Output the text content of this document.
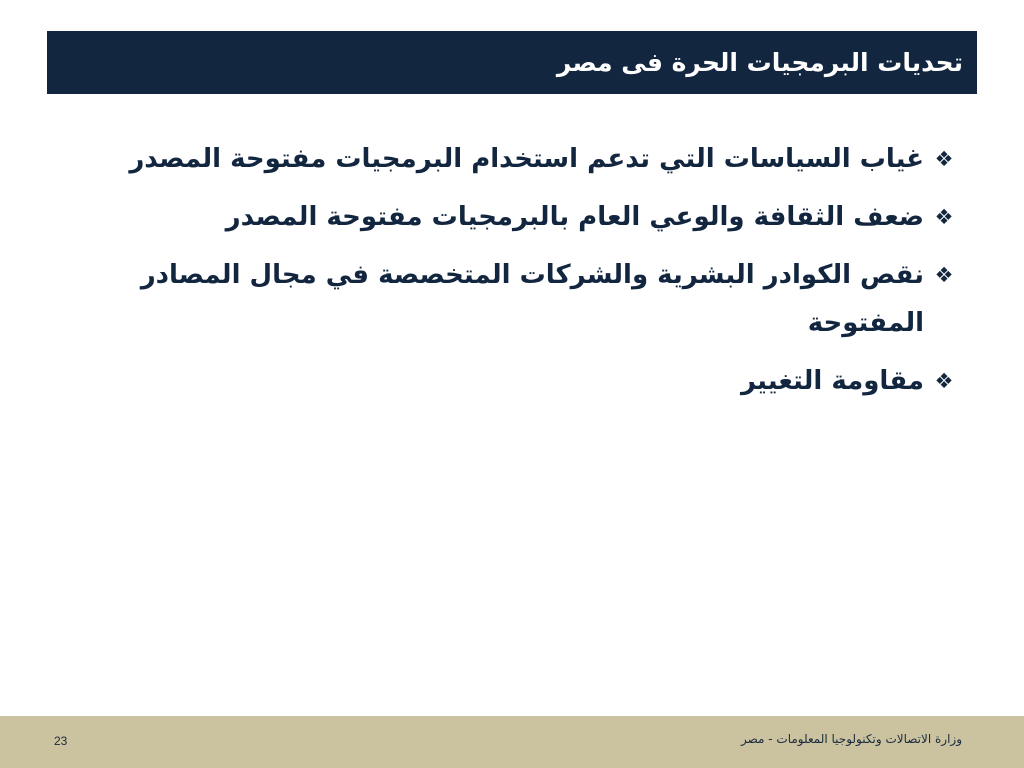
تحديات البرمجيات الحرة فى مصر
❖
غياب السياسات التي تدعم استخدام البرمجيات مفتوحة المصدر
❖
ضعف الثقافة والوعي العام بالبرمجيات مفتوحة المصدر
❖
نقص الكوادر البشرية والشركات المتخصصة في مجال المصادر المفتوحة
❖
مقاومة التغيير
23	وزارة الاتصالات وتكنولوجيا المعلومات - مصر
